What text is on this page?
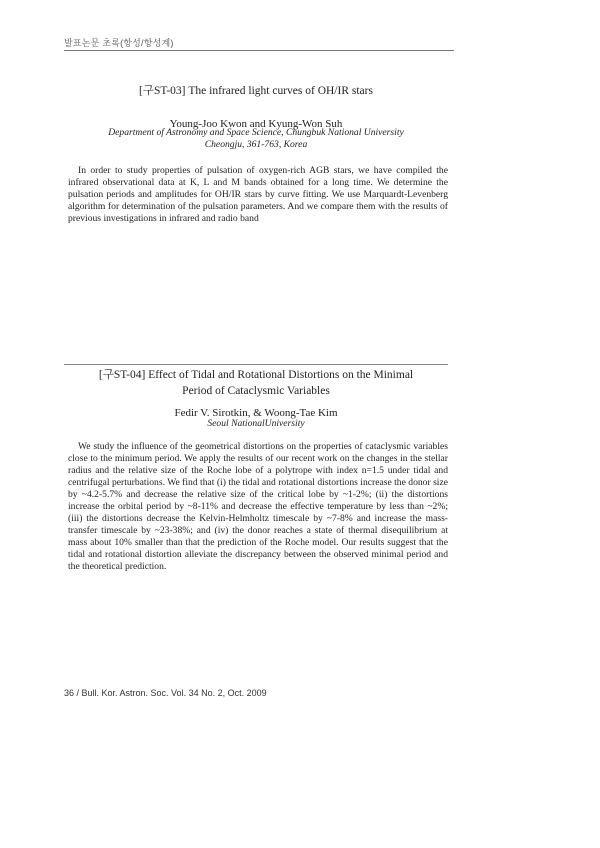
발표논문 초록(항성/항성계)
[구ST-03] The infrared light curves of OH/IR stars
Young-Joo Kwon and Kyung-Won Suh
Department of Astronomy and Space Science, Chungbuk National University
Cheongju, 361-763, Korea

In order to study properties of pulsation of oxygen-rich AGB stars, we have compiled the infrared observational data at K, L and M bands obtained for a long time. We determine the pulsation periods and amplitudes for OH/IR stars by curve fitting. We use Marquardt-Levenberg algorithm for determination of the pulsation parameters. And we compare them with the results of previous investigations in infrared and radio band

[구ST-04] Effect of Tidal and Rotational Distortions on the Minimal
Period of Cataclysmic Variables
Fedir V. Sirotkin, & Woong-Tae Kim
Seoul NationalUniversity

We study the influence of the geometrical distortions on the properties of cataclysmic variables close to the minimum period. We apply the results of our recent work on the changes in the stellar radius and the relative size of the Roche lobe of a polytrope with index n=1.5 under tidal and centrifugal perturbations. We find that (i) the tidal and rotational distortions increase the donor size by ~4.2-5.7% and decrease the relative size of the critical lobe by ~1-2%; (ii) the distortions increase the orbital period by ~8-11% and decrease the effective temperature by less than ~2%; (iii) the distortions decrease the Kelvin-Helmholtz timescale by ~7-8% and increase the mass-transfer timescale by ~23-38%; and (iv) the donor reaches a state of thermal disequilibrium at mass about 10% smaller than that the prediction of the Roche model. Our results suggest that the tidal and rotational distortion alleviate the discrepancy between the observed minimal period and the theoretical prediction.

36 / Bull. Kor. Astron. Soc. Vol. 34 No. 2, Oct. 2009
